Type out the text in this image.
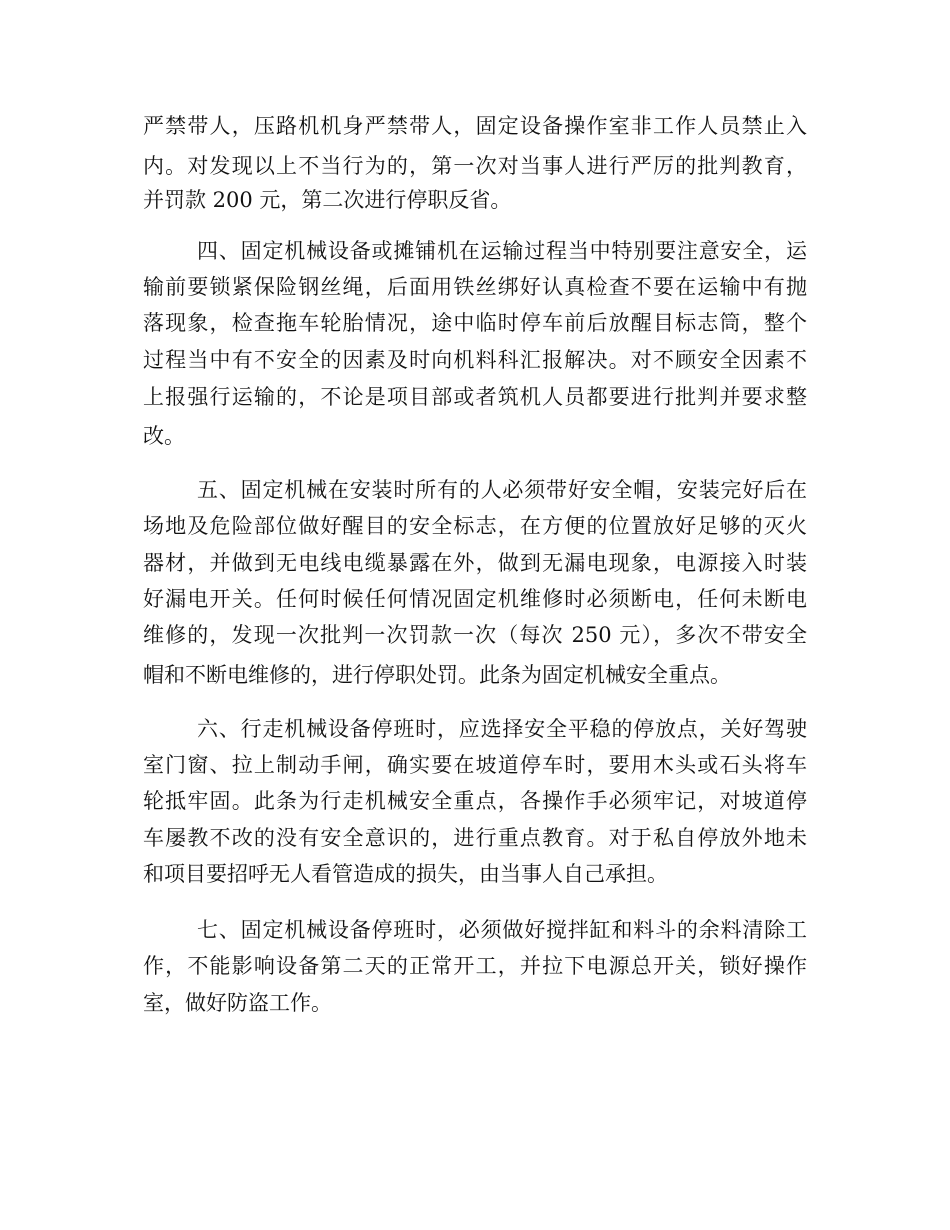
严禁带人，压路机机身严禁带人，固定设备操作室非工作人员禁止入
内。对发现以上不当行为的，第一次对当事人进行严厉的批判教育，
并罚款 200 元，第二次进行停职反省。
四、固定机械设备或摊铺机在运输过程当中特别要注意安全，运
输前要锁紧保险钢丝绳，后面用铁丝绑好认真检查不要在运输中有抛
落现象，检查拖车轮胎情况，途中临时停车前后放醒目标志筒，整个
过程当中有不安全的因素及时向机料科汇报解决。对不顾安全因素不
上报强行运输的，不论是项目部或者筑机人员都要进行批判并要求整
改。
五、固定机械在安装时所有的人必须带好安全帽，安装完好后在
场地及危险部位做好醒目的安全标志，在方便的位置放好足够的灭火
器材，并做到无电线电缆暴露在外，做到无漏电现象，电源接入时装
好漏电开关。任何时候任何情况固定机维修时必须断电，任何未断电
维修的，发现一次批判一次罚款一次（每次 250 元），多次不带安全
帽和不断电维修的，进行停职处罚。此条为固定机械安全重点。
六、行走机械设备停班时，应选择安全平稳的停放点，关好驾驶
室门窗、拉上制动手闸，确实要在坡道停车时，要用木头或石头将车
轮抵牢固。此条为行走机械安全重点，各操作手必须牢记，对坡道停
车屡教不改的没有安全意识的，进行重点教育。对于私自停放外地未
和项目要招呼无人看管造成的损失，由当事人自己承担。
七、固定机械设备停班时，必须做好搅拌缸和料斗的余料清除工
作，不能影响设备第二天的正常开工，并拉下电源总开关，锁好操作
室，做好防盗工作。
